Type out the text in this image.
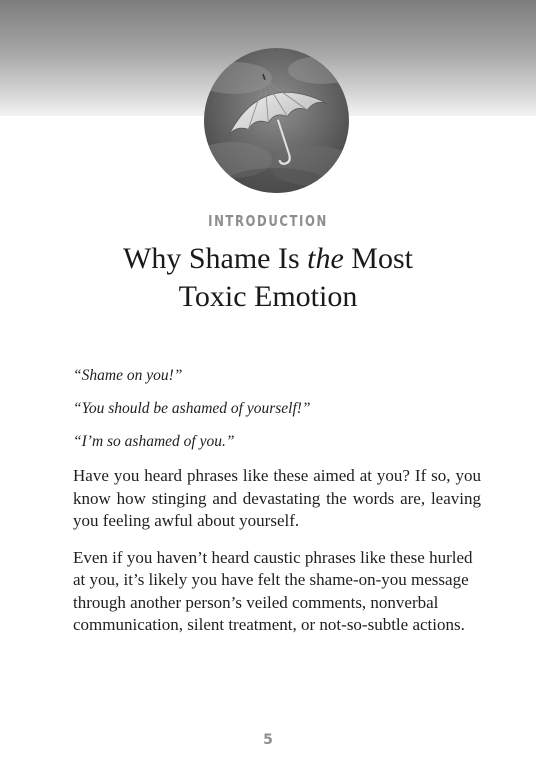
INTRODUCTION
Why Shame Is the Most
Toxic Emotion

“Shame on you!”

“You should be ashamed of yourself!”

“I’m so ashamed of you.”

Have you heard phrases like these aimed at you? If so, you know how stinging and devastating the words are, leaving you feeling awful about yourself.

Even if you haven’t heard caustic phrases like these hurled at you, it’s likely you have felt the shame-on-you message through another person’s veiled comments, nonverbal communication, silent treatment, or not-so-subtle actions.

5
